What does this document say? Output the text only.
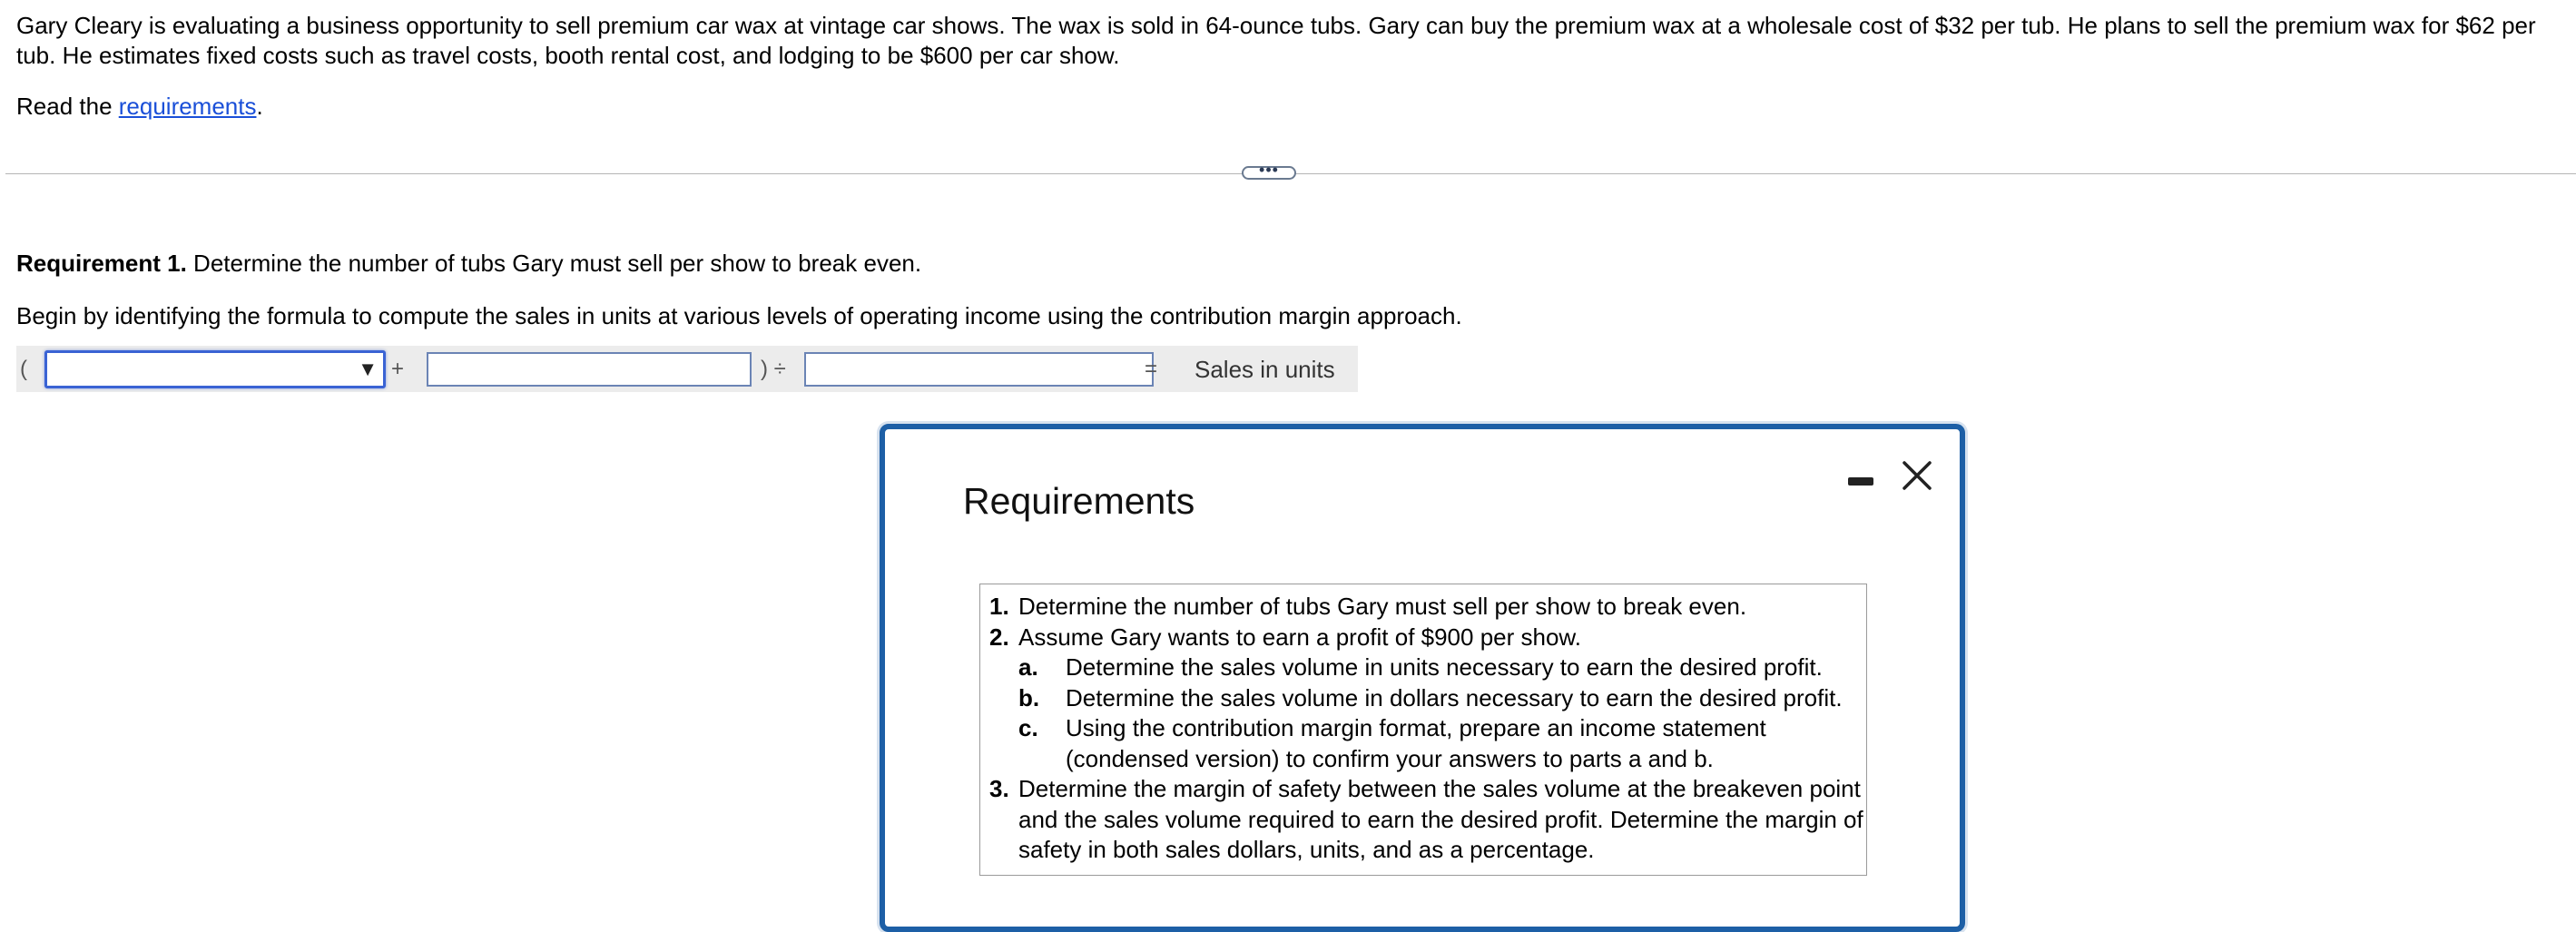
Gary Cleary is evaluating a business opportunity to sell premium car wax at vintage car shows. The wax is sold in 64-ounce tubs. Gary can buy the premium wax at a wholesale cost of $32 per tub. He plans to sell the premium wax for $62 per tub. He estimates fixed costs such as travel costs, booth rental cost, and lodging to be $600 per car show.

Read the requirements.

•••

Requirement 1. Determine the number of tubs Gary must sell per show to break even.

Begin by identifying the formula to compute the sales in units at various levels of operating income using the contribution margin approach.

(	▼ +	) ÷	= Sales in units
Requirements
1. Determine the number of tubs Gary must sell per show to break even.
2. Assume Gary wants to earn a profit of $900 per show.
a. Determine the sales volume in units necessary to earn the desired profit.
b. Determine the sales volume in dollars necessary to earn the desired profit.
c. Using the contribution margin format, prepare an income statement (condensed version) to confirm your answers to parts a and b.
3. Determine the margin of safety between the sales volume at the breakeven point and the sales volume required to earn the desired profit. Determine the margin of safety in both sales dollars, units, and as a percentage.
